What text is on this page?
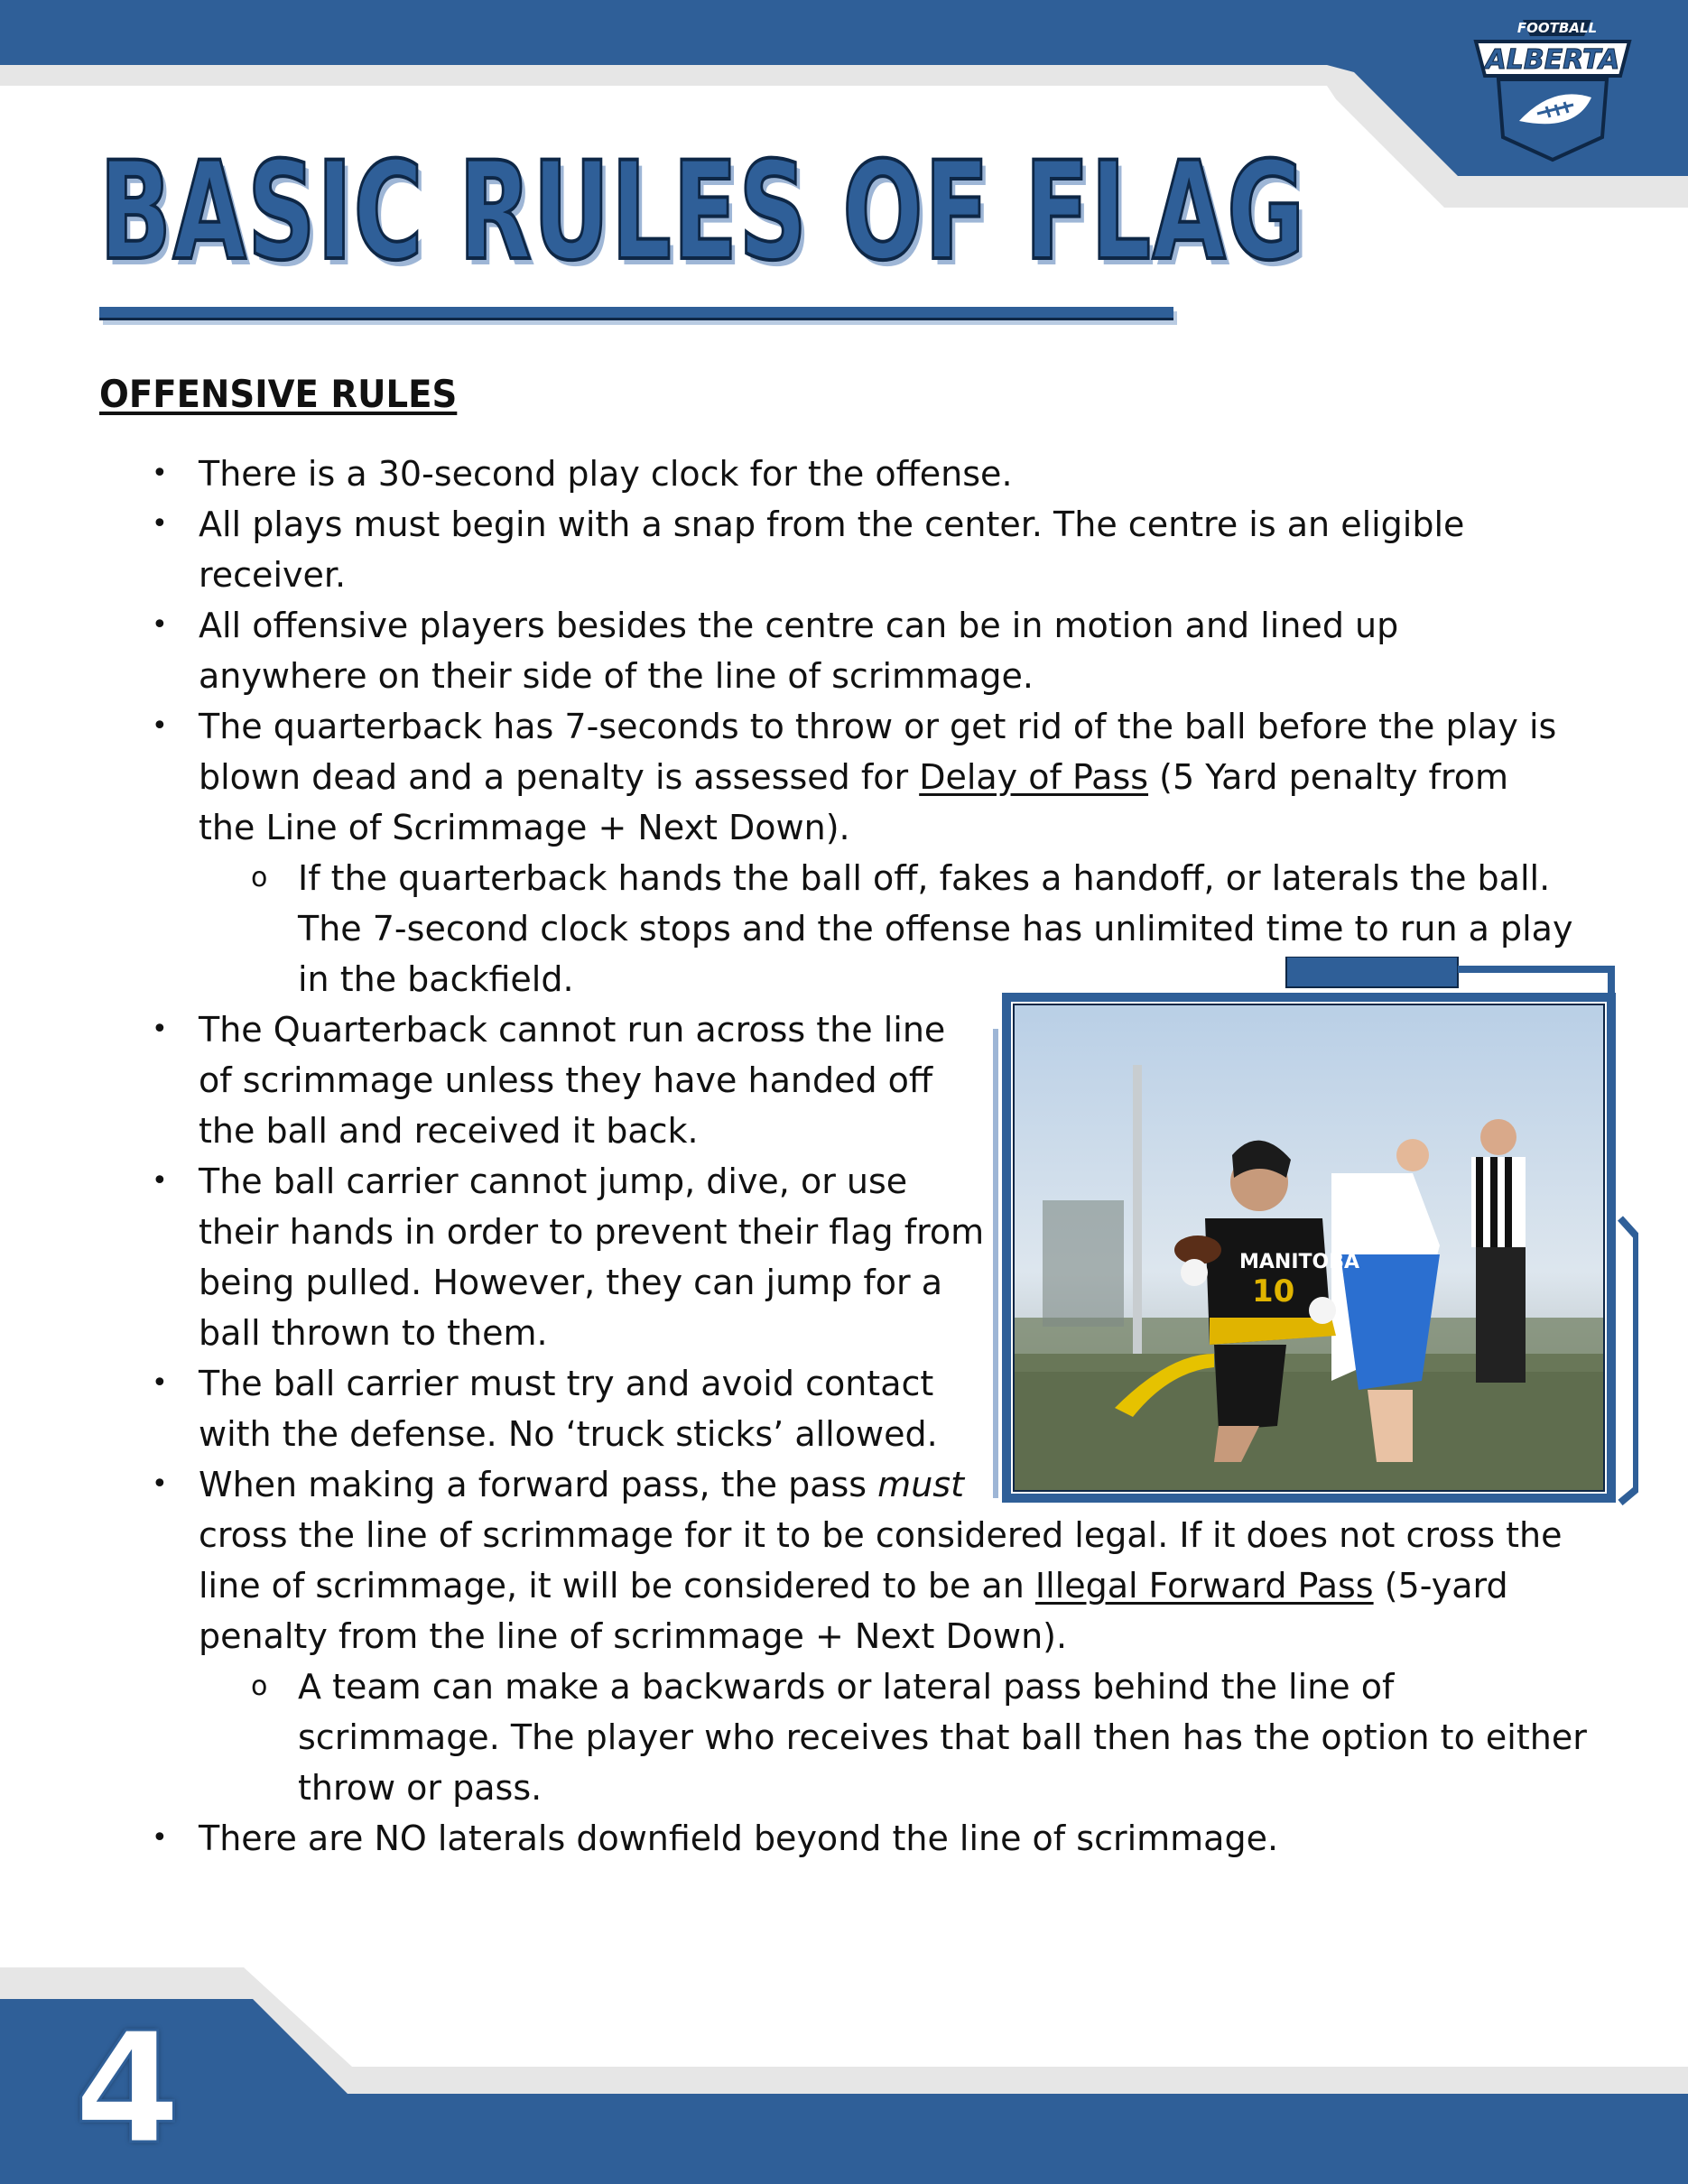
FOOTBALL
ALBERTA
BASIC RULES OF FLAG
OFFENSIVE RULES
• There is a 30-second play clock for the offense.
• All plays must begin with a snap from the center. The centre is an eligible
receiver.
• All offensive players besides the centre can be in motion and lined up
anywhere on their side of the line of scrimmage.
• The quarterback has 7-seconds to throw or get rid of the ball before the play is
blown dead and a penalty is assessed for Delay of Pass (5 Yard penalty from
the Line of Scrimmage + Next Down).
o If the quarterback hands the ball off, fakes a handoff, or laterals the ball.
The 7-second clock stops and the offense has unlimited time to run a play
in the backfield.
• The Quarterback cannot run across the line
of scrimmage unless they have handed off
the ball and received it back.
• The ball carrier cannot jump, dive, or use
their hands in order to prevent their flag from
being pulled. However, they can jump for a
ball thrown to them.
• The ball carrier must try and avoid contact
with the defense. No ‘truck sticks’ allowed.
• When making a forward pass, the pass must
cross the line of scrimmage for it to be considered legal. If it does not cross the
line of scrimmage, it will be considered to be an Illegal Forward Pass (5-yard
penalty from the line of scrimmage + Next Down).
o A team can make a backwards or lateral pass behind the line of
scrimmage. The player who receives that ball then has the option to either
throw or pass.
• There are NO laterals downfield beyond the line of scrimmage.
MANITOBA
10
4
